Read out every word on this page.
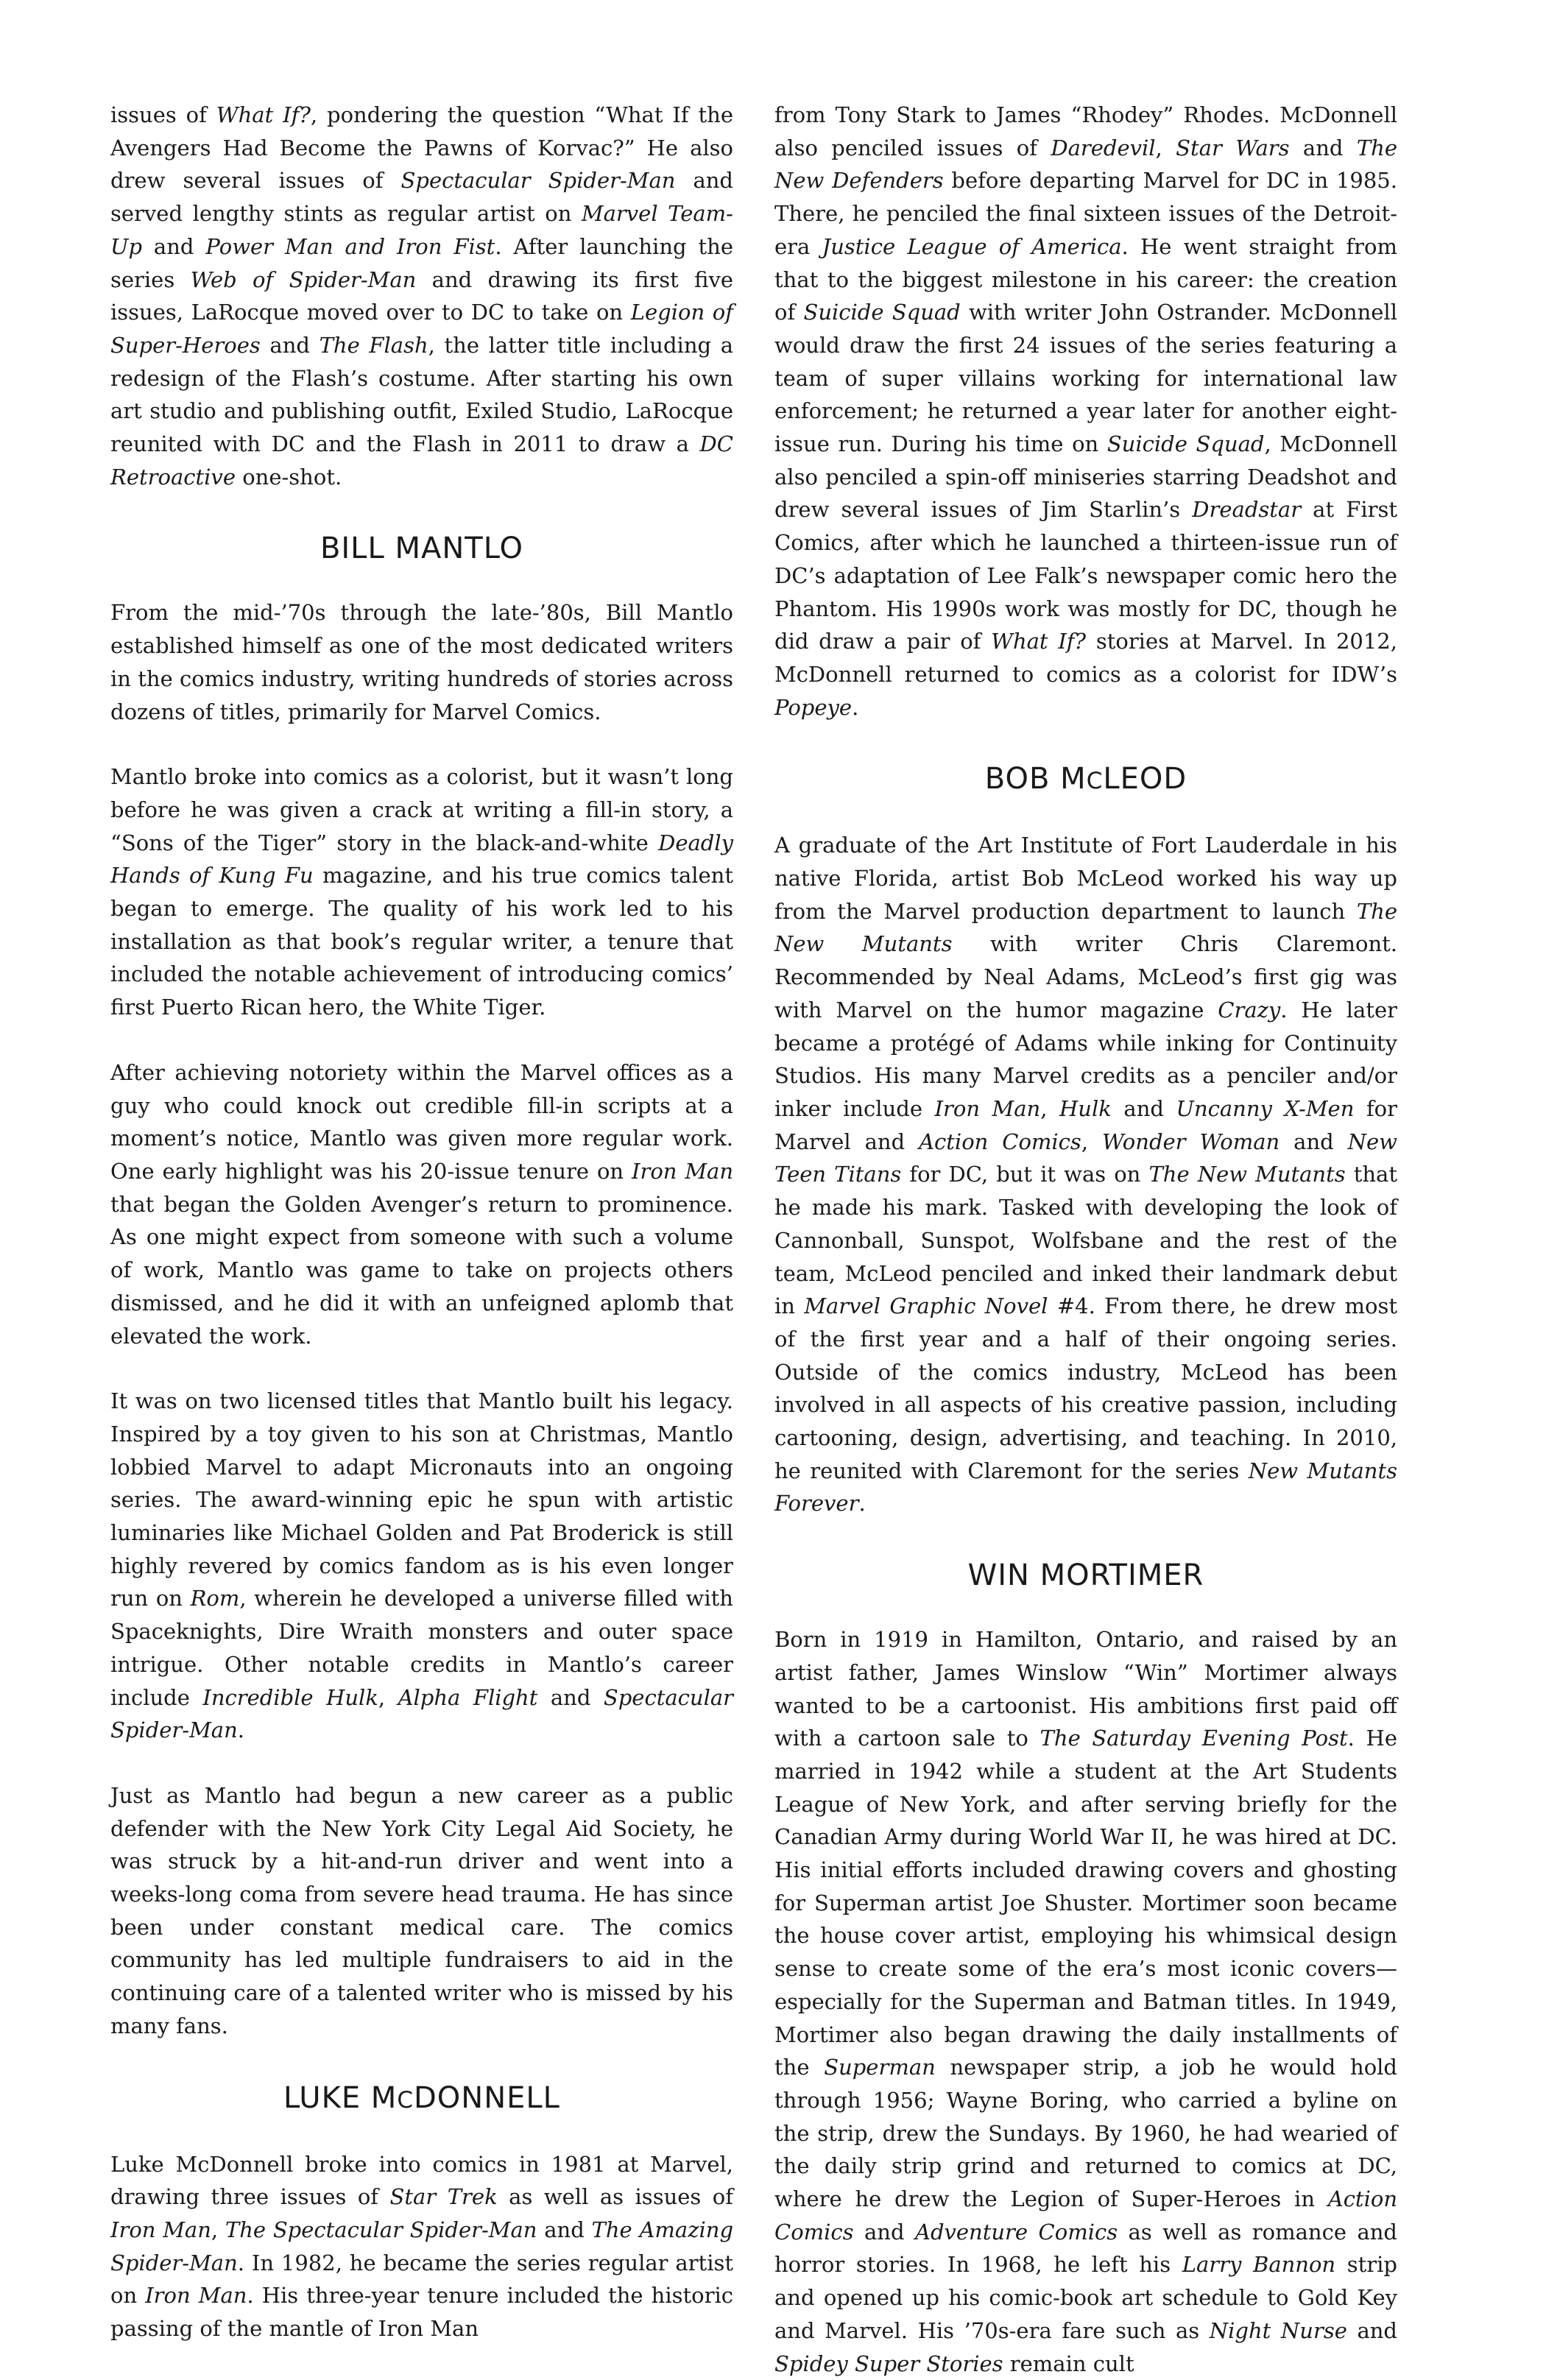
issues of What If?, pondering the question “What If the Avengers Had Become the Pawns of Korvac?” He also drew several issues of Spectacular Spider-Man and served lengthy stints as regular artist on Marvel Team-Up and Power Man and Iron Fist. After launching the series Web of Spider-Man and drawing its first five issues, LaRocque moved over to DC to take on Legion of Super-Heroes and The Flash, the latter title including a redesign of the Flash’s costume. After starting his own art studio and publishing outfit, Exiled Studio, LaRocque reunited with DC and the Flash in 2011 to draw a DC Retroactive one-shot.

BILL MANTLO

From the mid-’70s through the late-’80s, Bill Mantlo established himself as one of the most dedicated writers in the comics industry, writing hundreds of stories across dozens of titles, primarily for Marvel Comics.

Mantlo broke into comics as a colorist, but it wasn’t long before he was given a crack at writing a fill-in story, a “Sons of the Tiger” story in the black-and-white Deadly Hands of Kung Fu magazine, and his true comics talent began to emerge. The quality of his work led to his installation as that book’s regular writer, a tenure that included the notable achievement of introducing comics’ first Puerto Rican hero, the White Tiger.

After achieving notoriety within the Marvel offices as a guy who could knock out credible fill-in scripts at a moment’s notice, Mantlo was given more regular work. One early highlight was his 20-issue tenure on Iron Man that began the Golden Avenger’s return to prominence. As one might expect from someone with such a volume of work, Mantlo was game to take on projects others dismissed, and he did it with an unfeigned aplomb that elevated the work.

It was on two licensed titles that Mantlo built his legacy. Inspired by a toy given to his son at Christmas, Mantlo lobbied Marvel to adapt Micronauts into an ongoing series. The award-winning epic he spun with artistic luminaries like Michael Golden and Pat Broderick is still highly revered by comics fandom as is his even longer run on Rom, wherein he developed a universe filled with Spaceknights, Dire Wraith monsters and outer space intrigue. Other notable credits in Mantlo’s career include Incredible Hulk, Alpha Flight and Spectacular Spider-Man.

Just as Mantlo had begun a new career as a public defender with the New York City Legal Aid Society, he was struck by a hit-and-run driver and went into a weeks-long coma from severe head trauma. He has since been under constant medical care. The comics community has led multiple fundraisers to aid in the continuing care of a talented writer who is missed by his many fans.

LUKE MCDONNELL

Luke McDonnell broke into comics in 1981 at Marvel, drawing three issues of Star Trek as well as issues of Iron Man, The Spectacular Spider-Man and The Amazing Spider-Man. In 1982, he became the series regular artist on Iron Man. His three-year tenure included the historic passing of the mantle of Iron Man

from Tony Stark to James “Rhodey” Rhodes. McDonnell also penciled issues of Daredevil, Star Wars and The New Defenders before departing Marvel for DC in 1985. There, he penciled the final sixteen issues of the Detroit-era Justice League of America. He went straight from that to the biggest milestone in his career: the creation of Suicide Squad with writer John Ostrander. McDonnell would draw the first 24 issues of the series featuring a team of super villains working for international law enforcement; he returned a year later for another eight-issue run. During his time on Suicide Squad, McDonnell also penciled a spin-off miniseries starring Deadshot and drew several issues of Jim Starlin’s Dreadstar at First Comics, after which he launched a thirteen-issue run of DC’s adaptation of Lee Falk’s newspaper comic hero the Phantom. His 1990s work was mostly for DC, though he did draw a pair of What If? stories at Marvel. In 2012, McDonnell returned to comics as a colorist for IDW’s Popeye.

BOB MCLEOD

A graduate of the Art Institute of Fort Lauderdale in his native Florida, artist Bob McLeod worked his way up from the Marvel production department to launch The New Mutants with writer Chris Claremont. Recommended by Neal Adams, McLeod’s first gig was with Marvel on the humor magazine Crazy. He later became a protégé of Adams while inking for Continuity Studios. His many Marvel credits as a penciler and/or inker include Iron Man, Hulk and Uncanny X-Men for Marvel and Action Comics, Wonder Woman and New Teen Titans for DC, but it was on The New Mutants that he made his mark. Tasked with developing the look of Cannonball, Sunspot, Wolfsbane and the rest of the team, McLeod penciled and inked their landmark debut in Marvel Graphic Novel #4. From there, he drew most of the first year and a half of their ongoing series. Outside of the comics industry, McLeod has been involved in all aspects of his creative passion, including cartooning, design, advertising, and teaching. In 2010, he reunited with Claremont for the series New Mutants Forever.

WIN MORTIMER

Born in 1919 in Hamilton, Ontario, and raised by an artist father, James Winslow “Win” Mortimer always wanted to be a cartoonist. His ambitions first paid off with a cartoon sale to The Saturday Evening Post. He married in 1942 while a student at the Art Students League of New York, and after serving briefly for the Canadian Army during World War II, he was hired at DC. His initial efforts included drawing covers and ghosting for Superman artist Joe Shuster. Mortimer soon became the house cover artist, employing his whimsical design sense to create some of the era’s most iconic covers—especially for the Superman and Batman titles. In 1949, Mortimer also began drawing the daily installments of the Superman newspaper strip, a job he would hold through 1956; Wayne Boring, who carried a byline on the strip, drew the Sundays. By 1960, he had wearied of the daily strip grind and returned to comics at DC, where he drew the Legion of Super-Heroes in Action Comics and Adventure Comics as well as romance and horror stories. In 1968, he left his Larry Bannon strip and opened up his comic-book art schedule to Gold Key and Marvel. His ’70s-era fare such as Night Nurse and Spidey Super Stories remain cult
